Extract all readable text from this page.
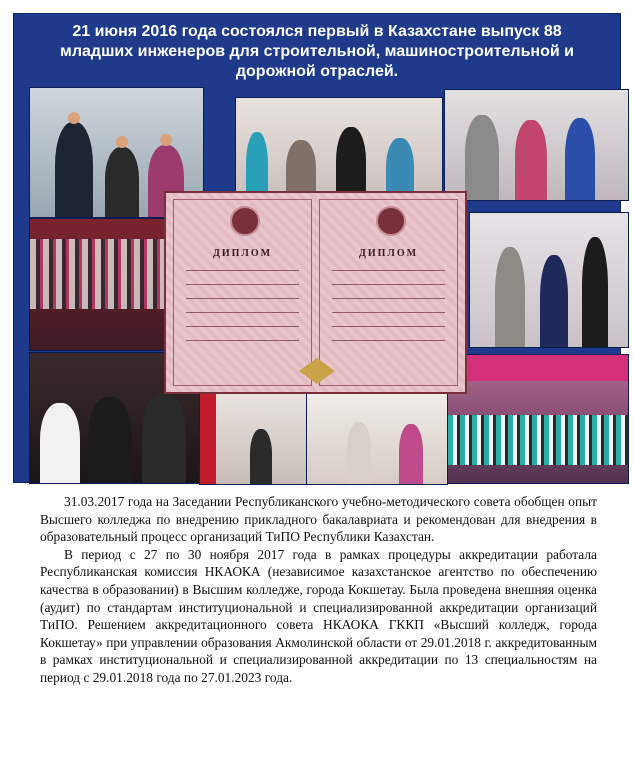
21 июня 2016 года состоялся первый в Казахстане выпуск 88 младших инженеров для строительной, машиностроительной и дорожной отраслей.
ДИПЛОМ	ДИПЛОМ

31.03.2017 года на Заседании Республиканского учебно-методического совета обобщен опыт Высшего колледжа по внедрению прикладного бакалавриата и рекомендован для внедрения в образовательный процесс организаций ТиПО Республики Казахстан.

В период с 27 по 30 ноября 2017 года в рамках процедуры аккредитации работала Республиканская комиссия НКАОКА (независимое казахстанское агентство по обеспечению качества в образовании) в Высшим колледже, города Кокшетау. Была проведена внешняя оценка (аудит) по стандартам институциональной и специализированной аккредитации организаций ТиПО. Решением аккредитационного совета НКАОКА ГККП «Высший колледж, города Кокшетау» при управлении образования Акмолинской области от 29.01.2018 г. аккредитованным в рамках институциональной и специализированной аккредитации по 13 специальностям на период с 29.01.2018 года по 27.01.2023 года.
